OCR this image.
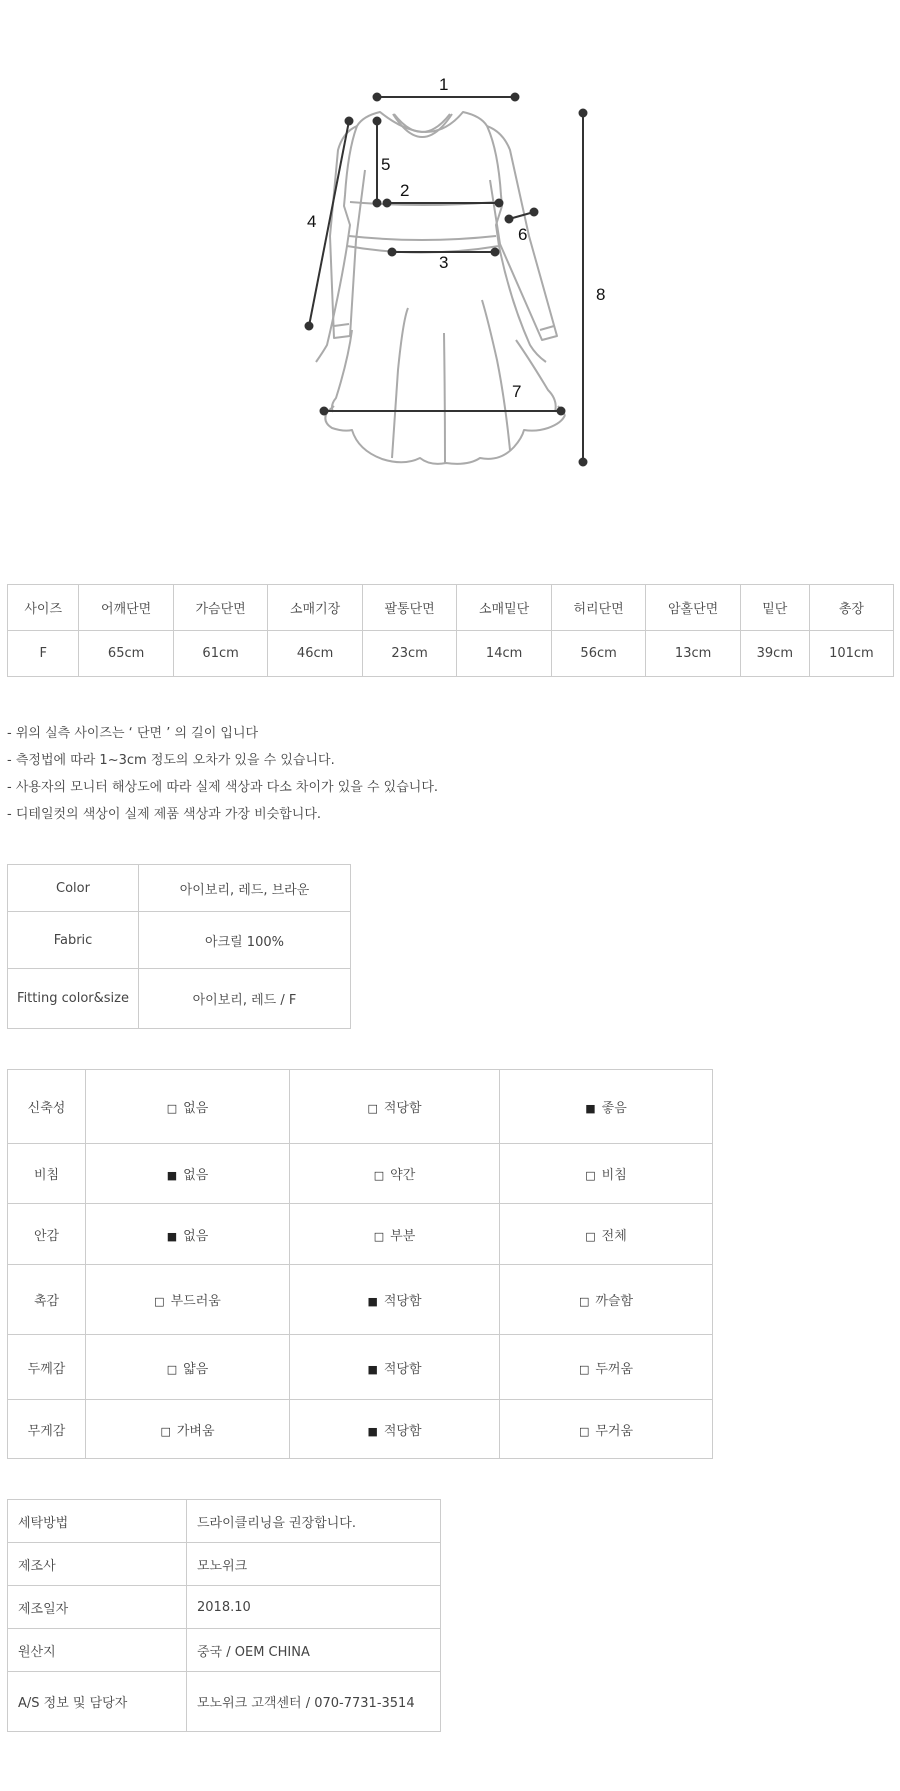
1
2
3
4
5
6
7
8
사이즈	어깨단면	가슴단면	소매기장	팔통단면	소매밑단	허리단면	암홀단면	밑단	총장
F	65cm	61cm	46cm	23cm	14cm	56cm	13cm	39cm	101cm
- 위의 실측 사이즈는 ‘ 단면 ’ 의 길이 입니다
- 측정법에 따라 1~3cm 정도의 오차가 있을 수 있습니다.
- 사용자의 모니터 해상도에 따라 실제 색상과 다소 차이가 있을 수 있습니다.
- 디테일컷의 색상이 실제 제품 색상과 가장 비슷합니다.
Color	아이보리, 레드, 브라운
Fabric	아크릴 100%
Fitting color&size	아이보리, 레드 / F
신축성	□ 없음	□ 적당함	■ 좋음
비침	■ 없음	□ 약간	□ 비침
안감	■ 없음	□ 부분	□ 전체
촉감	□ 부드러움	■ 적당함	□ 까슬함
두께감	□ 얇음	■ 적당함	□ 두꺼움
무게감	□ 가벼움	■ 적당함	□ 무거움
세탁방법	드라이클리닝을 권장합니다.
제조사	모노위크
제조일자	2018.10
원산지	중국 / OEM CHINA
A/S 정보 및 담당자	모노위크 고객센터 / 070-7731-3514
